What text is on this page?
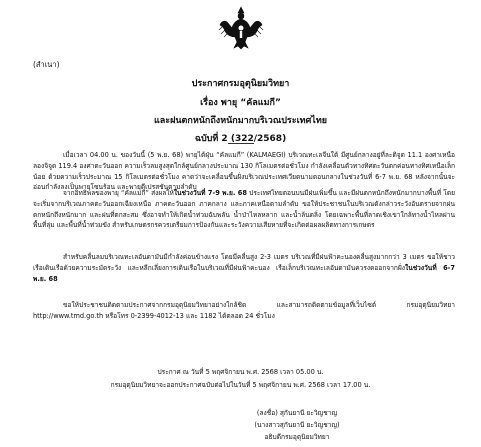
(สำเนา)
ประกาศกรมอุตุนิยมวิทยา
เรื่อง พายุ “คัลแมกี”
และฝนตกหนักถึงหนักมากบริเวณประเทศไทย
ฉบับที่ 2 (322/2568)
เมื่อเวลา 04.00 น. ของวันนี้ (5 พ.ย. 68) พายุไต้ฝุ่น “คัลแมกี” (KALMAEGI) บริเวณทะเลจีนใต้ มีศูนย์กลางอยู่ที่ละติจูด 11.1 องศาเหนือ ลองจิจูด 119.4 องศาตะวันออก ความเร็วลมสูงสุดใกล้ศูนย์กลางประมาณ 130 กิโลเมตรต่อชั่วโมง กำลังเคลื่อนตัวทางทิศตะวันตกค่อนทางทิศเหนือเล็กน้อย ด้วยความเร็วประมาณ 15 กิโลเมตรต่อชั่วโมง คาดว่าจะเคลื่อนขึ้นฝั่งบริเวณประเทศเวียดนามตอนกลางในช่วงวันที่ 6-7 พ.ย. 68 หลังจากนั้นจะอ่อนกำลังลงเป็นพายุโซนร้อน และพายุดีเปรสชันตามลำดับ
จากอิทธิพลของพายุ “คัลแมกี” ส่งผลให้ในช่วงวันที่ 7-9 พ.ย. 68 ประเทศไทยตอนบนมีฝนเพิ่มขึ้น และมีฝนตกหนักถึงหนักมากบางพื้นที่ โดยจะเริ่มจากบริเวณภาคตะวันออกเฉียงเหนือ ภาคตะวันออก ภาคกลาง และภาคเหนือตามลำดับ ขอให้ประชาชนในบริเวณดังกล่าวระวังอันตรายจากฝนตกหนักถึงหนักมาก และฝนที่ตกสะสม ซึ่งอาจทำให้เกิดน้ำท่วมฉับพลัน น้ำป่าไหลหลาก และน้ำล้นตลิ่ง โดยเฉพาะพื้นที่ลาดเชิงเขาใกล้ทางน้ำไหลผ่าน พื้นที่ลุ่ม และพื้นที่น้ำท่วมขัง สำหรับเกษตรกรควรเตรียมการป้องกันและระวังความเสียหายที่จะเกิดต่อผลผลิตทางการเกษตร
สำหรับคลื่นลมบริเวณทะเลอันดามันมีกำลังค่อนข้างแรง โดยมีคลื่นสูง 2-3 เมตร บริเวณที่มีฝนฟ้าคะนองคลื่นสูงมากกว่า 3 เมตร ขอให้ชาวเรือเดินเรือด้วยความระมัดระวัง และหลีกเลี่ยงการเดินเรือในบริเวณที่มีฝนฟ้าคะนอง เรือเล็กบริเวณทะเลอันดามันควรงดออกจากฝั่งในช่วงวันที่ 6-7 พ.ย. 68
ขอให้ประชาชนติดตามประกาศจากกรมอุตุนิยมวิทยาอย่างใกล้ชิด และสามารถติดตามข้อมูลที่เว็บไซต์ กรมอุตุนิยมวิทยา http://www.tmd.go.th หรือโทร 0-2399-4012-13 และ 1182 ได้ตลอด 24 ชั่วโมง
ประกาศ ณ วันที่ 5 พฤศจิกายน พ.ศ. 2568 เวลา 05.00 น.
กรมอุตุนิยมวิทยาจะออกประกาศฉบับต่อไปในวันที่ 5 พฤศจิกายน พ.ศ. 2568 เวลา 17.00 น.
(ลงชื่อ) สุกันยานี ยะวิญชาญ
(นางสาวสุกันยานี ยะวิญชาญ)
อธิบดีกรมอุตุนิยมวิทยา
